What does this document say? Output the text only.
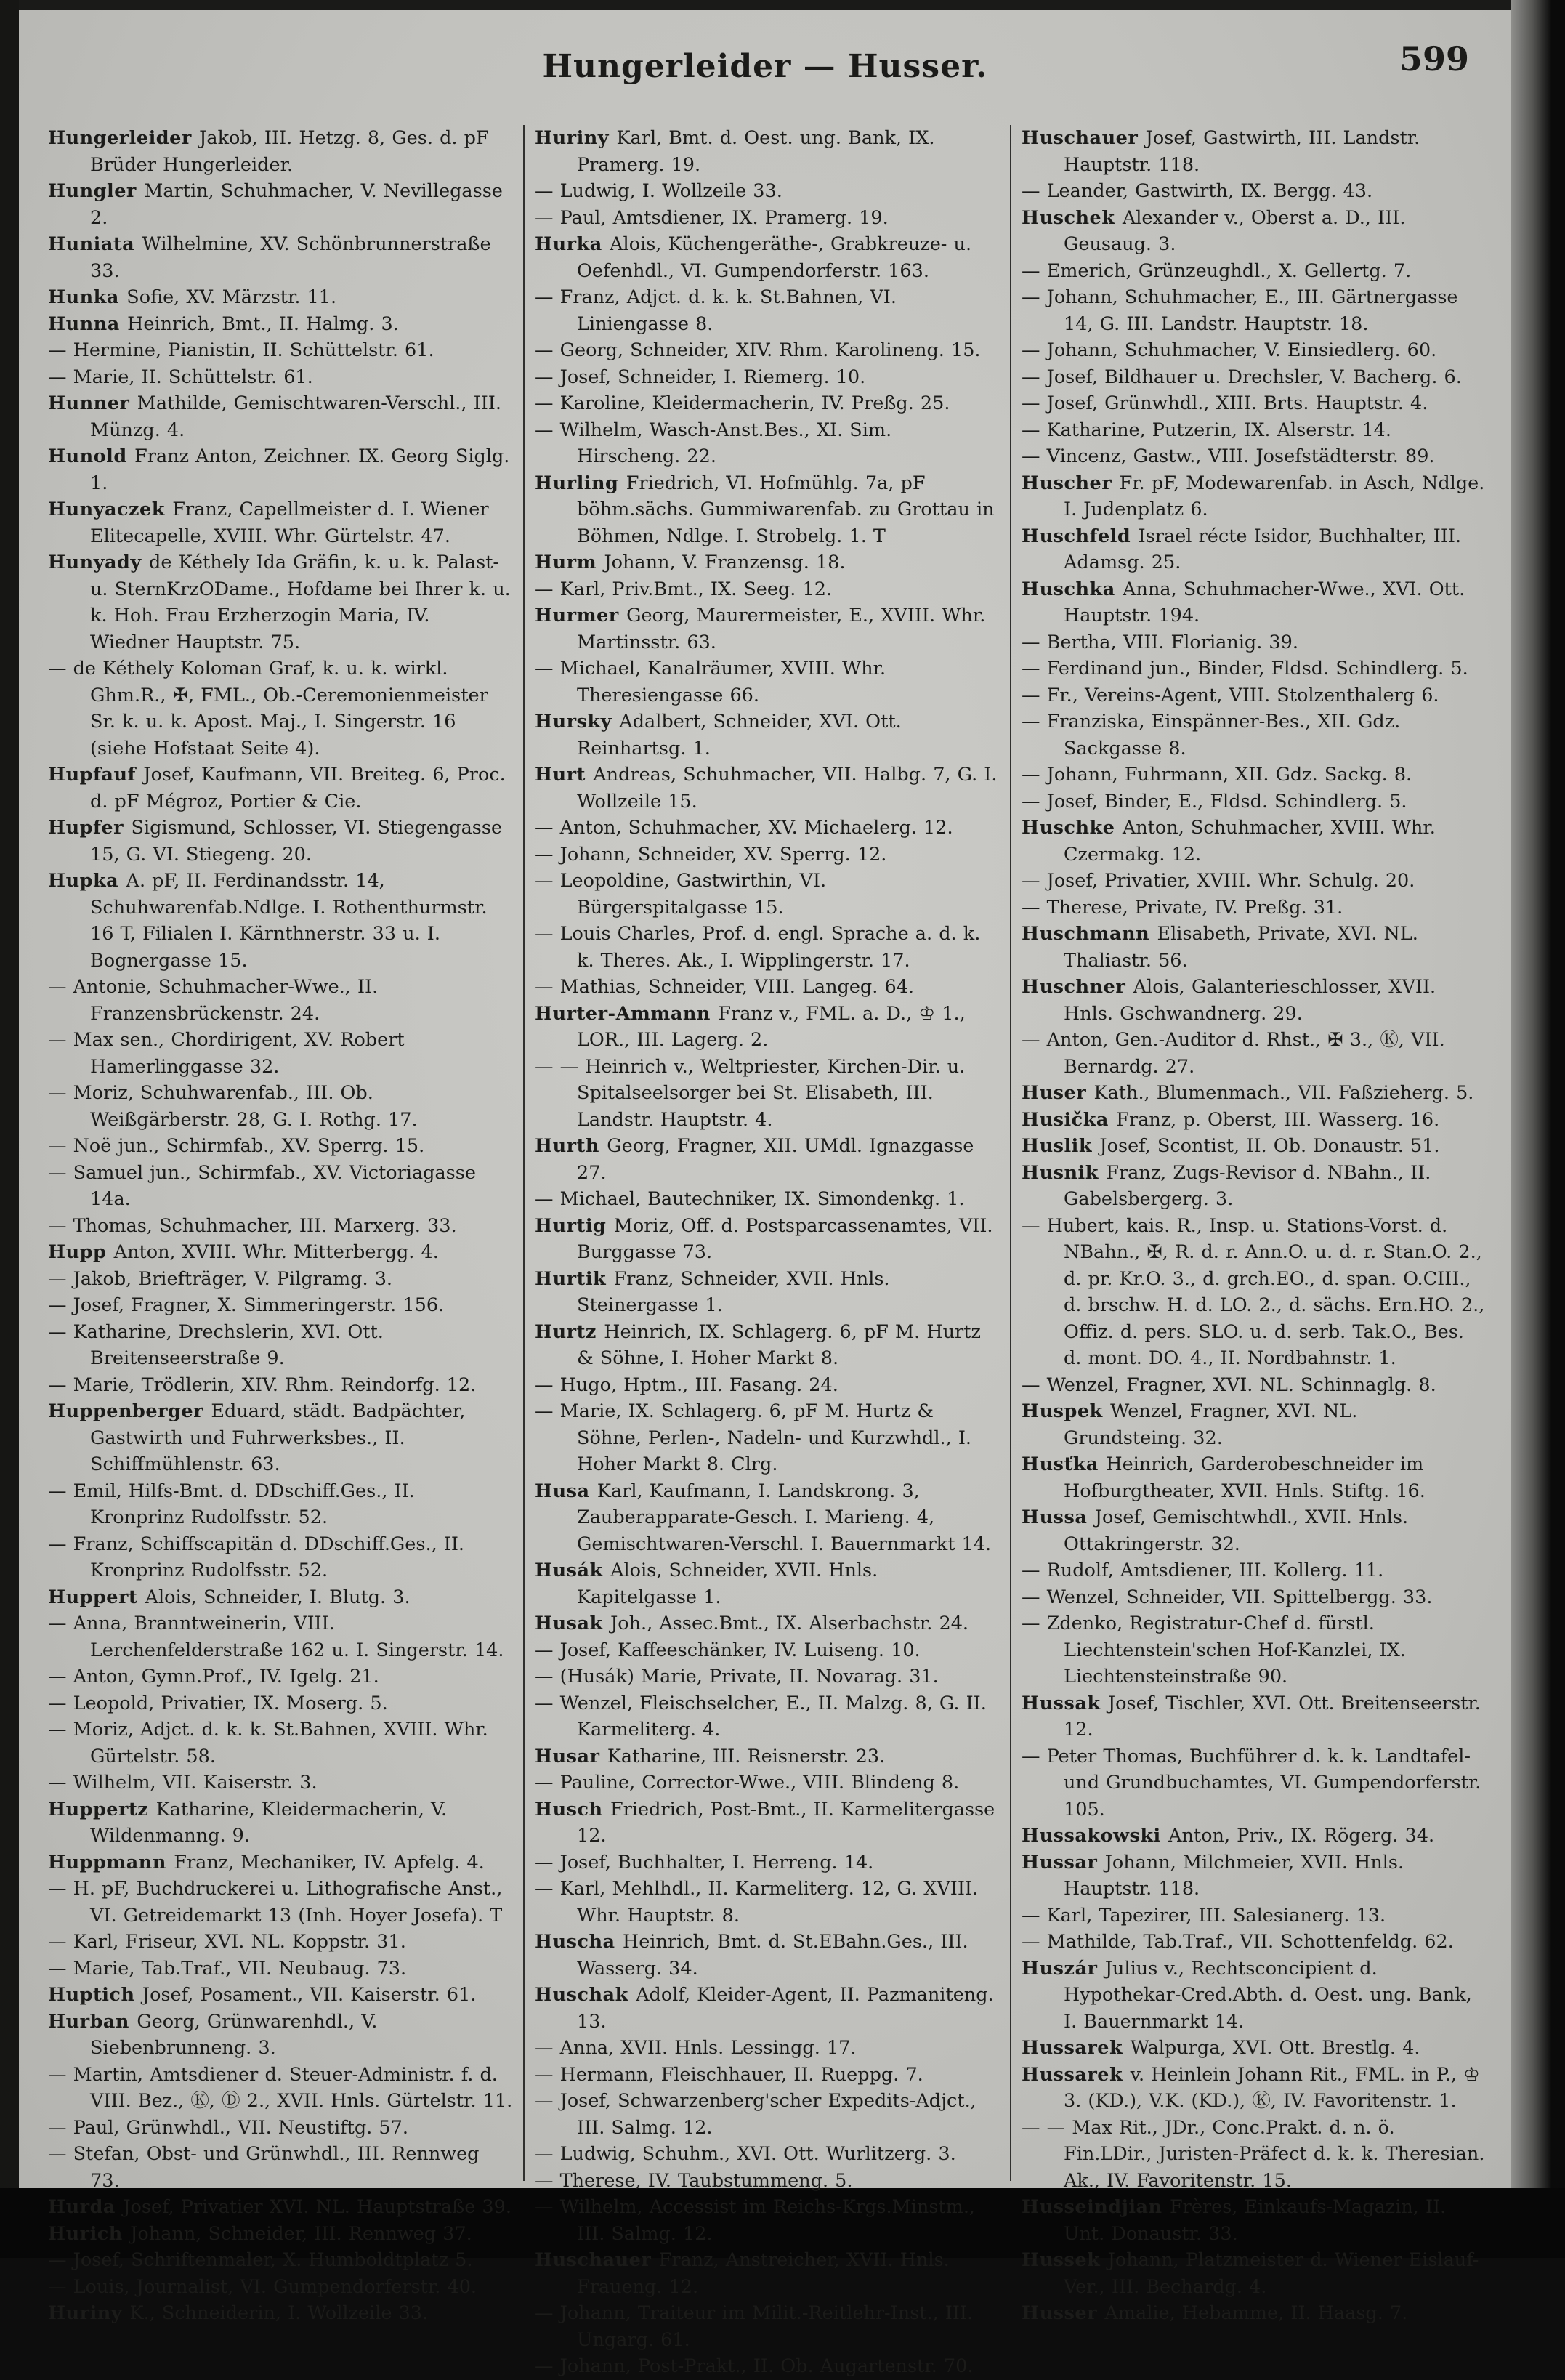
Hungerleider — Husser.	599

Hungerleider Jakob, III. Hetzg. 8, Ges. d. pF Brüder Hungerleider.

Hungler Martin, Schuhmacher, V. Nevillegasse 2.

Huniata Wilhelmine, XV. Schönbrunnerstraße 33.

Hunka Sofie, XV. Märzstr. 11.

Hunna Heinrich, Bmt., II. Halmg. 3.

— Hermine, Pianistin, II. Schüttelstr. 61.

— Marie, II. Schüttelstr. 61.

Hunner Mathilde, Gemischtwaren-Verschl., III. Münzg. 4.

Hunold Franz Anton, Zeichner. IX. Georg Siglg. 1.

Hunyaczek Franz, Capellmeister d. I. Wiener Elitecapelle, XVIII. Whr. Gürtelstr. 47.

Hunyady de Kéthely Ida Gräfin, k. u. k. Palast- u. SternKrzODame., Hofdame bei Ihrer k. u. k. Hoh. Frau Erzherzogin Maria, IV. Wiedner Hauptstr. 75.

— de Kéthely Koloman Graf, k. u. k. wirkl. Ghm.R., ✠, FML., Ob.-Ceremonienmeister Sr. k. u. k. Apost. Maj., I. Singerstr. 16 (siehe Hofstaat Seite 4).

Hupfauf Josef, Kaufmann, VII. Breiteg. 6, Proc. d. pF Mégroz, Portier & Cie.

Hupfer Sigismund, Schlosser, VI. Stiegengasse 15, G. VI. Stiegeng. 20.

Hupka A. pF, II. Ferdinandsstr. 14, Schuhwarenfab.Ndlge. I. Rothenthurmstr. 16 T, Filialen I. Kärnthnerstr. 33 u. I. Bognergasse 15.

— Antonie, Schuhmacher-Wwe., II. Franzensbrückenstr. 24.

— Max sen., Chordirigent, XV. Robert Hamerlinggasse 32.

— Moriz, Schuhwarenfab., III. Ob. Weißgärberstr. 28, G. I. Rothg. 17.

— Noë jun., Schirmfab., XV. Sperrg. 15.

— Samuel jun., Schirmfab., XV. Victoriagasse 14a.

— Thomas, Schuhmacher, III. Marxerg. 33.

Hupp Anton, XVIII. Whr. Mitterbergg. 4.

— Jakob, Briefträger, V. Pilgramg. 3.

— Josef, Fragner, X. Simmeringerstr. 156.

— Katharine, Drechslerin, XVI. Ott. Breitenseerstraße 9.

— Marie, Trödlerin, XIV. Rhm. Reindorfg. 12.

Huppenberger Eduard, städt. Badpächter, Gastwirth und Fuhrwerksbes., II. Schiffmühlenstr. 63.

— Emil, Hilfs-Bmt. d. DDschiff.Ges., II. Kronprinz Rudolfsstr. 52.

— Franz, Schiffscapitän d. DDschiff.Ges., II. Kronprinz Rudolfsstr. 52.

Huppert Alois, Schneider, I. Blutg. 3.

— Anna, Branntweinerin, VIII. Lerchenfelderstraße 162 u. I. Singerstr. 14.

— Anton, Gymn.Prof., IV. Igelg. 21.

— Leopold, Privatier, IX. Moserg. 5.

— Moriz, Adjct. d. k. k. St.Bahnen, XVIII. Whr. Gürtelstr. 58.

— Wilhelm, VII. Kaiserstr. 3.

Huppertz Katharine, Kleidermacherin, V. Wildenmanng. 9.

Huppmann Franz, Mechaniker, IV. Apfelg. 4.

— H. pF, Buchdruckerei u. Lithografische Anst., VI. Getreidemarkt 13 (Inh. Hoyer Josefa). T

— Karl, Friseur, XVI. NL. Koppstr. 31.

— Marie, Tab.Traf., VII. Neubaug. 73.

Huptich Josef, Posament., VII. Kaiserstr. 61.

Hurban Georg, Grünwarenhdl., V. Siebenbrunneng. 3.

— Martin, Amtsdiener d. Steuer-Administr. f. d. VIII. Bez., Ⓚ, Ⓓ 2., XVII. Hnls. Gürtelstr. 11.

— Paul, Grünwhdl., VII. Neustiftg. 57.

— Stefan, Obst- und Grünwhdl., III. Rennweg 73.

Hurda Josef, Privatier XVI. NL. Hauptstraße 39.

Hurich Johann, Schneider, III. Rennweg 37.

— Josef, Schriftenmaler, X. Humboldtplatz 5.

— Louis, Journalist, VI. Gumpendorferstr. 40.

Huriny K., Schneiderin, I. Wollzeile 33.

Huriny Karl, Bmt. d. Oest. ung. Bank, IX. Pramerg. 19.

— Ludwig, I. Wollzeile 33.

— Paul, Amtsdiener, IX. Pramerg. 19.

Hurka Alois, Küchengeräthe-, Grabkreuze- u. Oefenhdl., VI. Gumpendorferstr. 163.

— Franz, Adjct. d. k. k. St.Bahnen, VI. Liniengasse 8.

— Georg, Schneider, XIV. Rhm. Karolineng. 15.

— Josef, Schneider, I. Riemerg. 10.

— Karoline, Kleidermacherin, IV. Preßg. 25.

— Wilhelm, Wasch-Anst.Bes., XI. Sim. Hirscheng. 22.

Hurling Friedrich, VI. Hofmühlg. 7a, pF böhm.sächs. Gummiwarenfab. zu Grottau in Böhmen, Ndlge. I. Strobelg. 1. T

Hurm Johann, V. Franzensg. 18.

— Karl, Priv.Bmt., IX. Seeg. 12.

Hurmer Georg, Maurermeister, E., XVIII. Whr. Martinsstr. 63.

— Michael, Kanalräumer, XVIII. Whr. Theresiengasse 66.

Hursky Adalbert, Schneider, XVI. Ott. Reinhartsg. 1.

Hurt Andreas, Schuhmacher, VII. Halbg. 7, G. I. Wollzeile 15.

— Anton, Schuhmacher, XV. Michaelerg. 12.

— Johann, Schneider, XV. Sperrg. 12.

— Leopoldine, Gastwirthin, VI. Bürgerspitalgasse 15.

— Louis Charles, Prof. d. engl. Sprache a. d. k. k. Theres. Ak., I. Wipplingerstr. 17.

— Mathias, Schneider, VIII. Langeg. 64.

Hurter-Ammann Franz v., FML. a. D., ♔ 1., LOR., III. Lagerg. 2.

— — Heinrich v., Weltpriester, Kirchen-Dir. u. Spitalseelsorger bei St. Elisabeth, III. Landstr. Hauptstr. 4.

Hurth Georg, Fragner, XII. UMdl. Ignazgasse 27.

— Michael, Bautechniker, IX. Simondenkg. 1.

Hurtig Moriz, Off. d. Postsparcassenamtes, VII. Burggasse 73.

Hurtik Franz, Schneider, XVII. Hnls. Steinergasse 1.

Hurtz Heinrich, IX. Schlagerg. 6, pF M. Hurtz & Söhne, I. Hoher Markt 8.

— Hugo, Hptm., III. Fasang. 24.

— Marie, IX. Schlagerg. 6, pF M. Hurtz & Söhne, Perlen-, Nadeln- und Kurzwhdl., I. Hoher Markt 8. Clrg.

Husa Karl, Kaufmann, I. Landskrong. 3, Zauberapparate-Gesch. I. Marieng. 4, Gemischtwaren-Verschl. I. Bauernmarkt 14.

Husák Alois, Schneider, XVII. Hnls. Kapitelgasse 1.

Husak Joh., Assec.Bmt., IX. Alserbachstr. 24.

— Josef, Kaffeeschänker, IV. Luiseng. 10.

— (Husák) Marie, Private, II. Novarag. 31.

— Wenzel, Fleischselcher, E., II. Malzg. 8, G. II. Karmeliterg. 4.

Husar Katharine, III. Reisnerstr. 23.

— Pauline, Corrector-Wwe., VIII. Blindeng 8.

Husch Friedrich, Post-Bmt., II. Karmelitergasse 12.

— Josef, Buchhalter, I. Herreng. 14.

— Karl, Mehlhdl., II. Karmeliterg. 12, G. XVIII. Whr. Hauptstr. 8.

Huscha Heinrich, Bmt. d. St.EBahn.Ges., III. Wasserg. 34.

Huschak Adolf, Kleider-Agent, II. Pazmaniteng. 13.

— Anna, XVII. Hnls. Lessingg. 17.

— Hermann, Fleischhauer, II. Rueppg. 7.

— Josef, Schwarzenberg'scher Expedits-Adjct., III. Salmg. 12.

— Ludwig, Schuhm., XVI. Ott. Wurlitzerg. 3.

— Therese, IV. Taubstummeng. 5.

— Wilhelm, Accessist im Reichs-Krgs.Minstm., III. Salmg. 12.

Huschauer Franz, Anstreicher, XVII. Hnls. Fraueng. 12.

— Johann, Traiteur im Milit.-Reitlehr-Inst., III. Ungarg. 61.

— Johann, Post-Prakt., II. Ob. Augartenstr. 70.

Huschauer Josef, Gastwirth, III. Landstr. Hauptstr. 118.

— Leander, Gastwirth, IX. Bergg. 43.

Huschek Alexander v., Oberst a. D., III. Geusaug. 3.

— Emerich, Grünzeughdl., X. Gellertg. 7.

— Johann, Schuhmacher, E., III. Gärtnergasse 14, G. III. Landstr. Hauptstr. 18.

— Johann, Schuhmacher, V. Einsiedlerg. 60.

— Josef, Bildhauer u. Drechsler, V. Bacherg. 6.

— Josef, Grünwhdl., XIII. Brts. Hauptstr. 4.

— Katharine, Putzerin, IX. Alserstr. 14.

— Vincenz, Gastw., VIII. Josefstädterstr. 89.

Huscher Fr. pF, Modewarenfab. in Asch, Ndlge. I. Judenplatz 6.

Huschfeld Israel récte Isidor, Buchhalter, III. Adamsg. 25.

Huschka Anna, Schuhmacher-Wwe., XVI. Ott. Hauptstr. 194.

— Bertha, VIII. Florianig. 39.

— Ferdinand jun., Binder, Fldsd. Schindlerg. 5.

— Fr., Vereins-Agent, VIII. Stolzenthalerg 6.

— Franziska, Einspänner-Bes., XII. Gdz. Sackgasse 8.

— Johann, Fuhrmann, XII. Gdz. Sackg. 8.

— Josef, Binder, E., Fldsd. Schindlerg. 5.

Huschke Anton, Schuhmacher, XVIII. Whr. Czermakg. 12.

— Josef, Privatier, XVIII. Whr. Schulg. 20.

— Therese, Private, IV. Preßg. 31.

Huschmann Elisabeth, Private, XVI. NL. Thaliastr. 56.

Huschner Alois, Galanterieschlosser, XVII. Hnls. Gschwandnerg. 29.

— Anton, Gen.-Auditor d. Rhst., ✠ 3., Ⓚ, VII. Bernardg. 27.

Huser Kath., Blumenmach., VII. Faßzieherg. 5.

Husička Franz, p. Oberst, III. Wasserg. 16.

Huslik Josef, Scontist, II. Ob. Donaustr. 51.

Husnik Franz, Zugs-Revisor d. NBahn., II. Gabelsbergerg. 3.

— Hubert, kais. R., Insp. u. Stations-Vorst. d. NBahn., ✠, R. d. r. Ann.O. u. d. r. Stan.O. 2., d. pr. Kr.O. 3., d. grch.EO., d. span. O.CIII., d. brschw. H. d. LO. 2., d. sächs. Ern.HO. 2., Offiz. d. pers. SLO. u. d. serb. Tak.O., Bes. d. mont. DO. 4., II. Nordbahnstr. 1.

— Wenzel, Fragner, XVI. NL. Schinnaglg. 8.

Huspek Wenzel, Fragner, XVI. NL. Grundsteing. 32.

Husťka Heinrich, Garderobeschneider im Hofburgtheater, XVII. Hnls. Stiftg. 16.

Hussa Josef, Gemischtwhdl., XVII. Hnls. Ottakringerstr. 32.

— Rudolf, Amtsdiener, III. Kollerg. 11.

— Wenzel, Schneider, VII. Spittelbergg. 33.

— Zdenko, Registratur-Chef d. fürstl. Liechtenstein'schen Hof-Kanzlei, IX. Liechtensteinstraße 90.

Hussak Josef, Tischler, XVI. Ott. Breitenseerstr. 12.

— Peter Thomas, Buchführer d. k. k. Landtafel- und Grundbuchamtes, VI. Gumpendorferstr. 105.

Hussakowski Anton, Priv., IX. Rögerg. 34.

Hussar Johann, Milchmeier, XVII. Hnls. Hauptstr. 118.

— Karl, Tapezirer, III. Salesianerg. 13.

— Mathilde, Tab.Traf., VII. Schottenfeldg. 62.

Huszár Julius v., Rechtsconcipient d. Hypothekar-Cred.Abth. d. Oest. ung. Bank, I. Bauernmarkt 14.

Hussarek Walpurga, XVI. Ott. Brestlg. 4.

Hussarek v. Heinlein Johann Rit., FML. in P., ♔ 3. (KD.), V.K. (KD.), Ⓚ, IV. Favoritenstr. 1.

— — Max Rit., JDr., Conc.Prakt. d. n. ö. Fin.LDir., Juristen-Präfect d. k. k. Theresian. Ak., IV. Favoritenstr. 15.

Husseindjian Frères, Einkaufs-Magazin, II. Unt. Donaustr. 33.

Hussek Johann, Platzmeister d. Wiener Eislauf-Ver., III. Bechardg. 4.

Husser Amalie, Hebamme, II. Haasg. 7.
